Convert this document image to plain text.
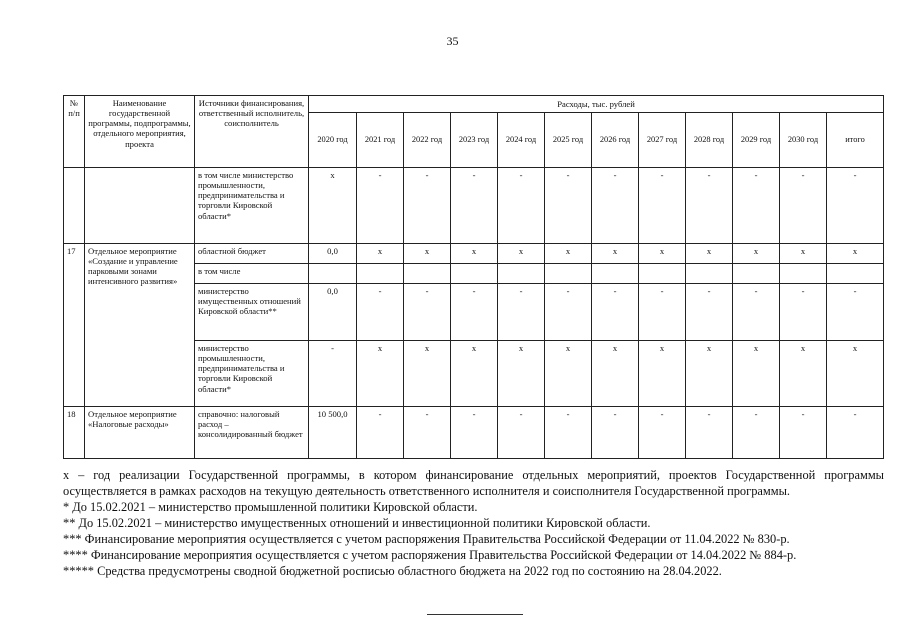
35
№ п/п	Наименование государственной программы, подпрограммы, отдельного мероприятия, проекта	Источники финансирования, ответственный исполнитель, соисполнитель	Расходы, тыс. рублей											
			2020 год	2021 год	2022 год	2023 год	2024 год	2025 год	2026 год	2027 год	2028 год	2029 год	2030 год	итого
		в том числе министерство промышленности, предпринимательства и торговли Кировской области*	x	-	-	-	-	-	-	-	-	-	-	-
17	Отдельное мероприятие «Создание и управление парковыми зонами интенсивного развития»	областной бюджет	0,0	x	x	x	x	x	x	x	x	x	x	x
		в том числе												
		министерство имущественных отношений Кировской области**	0,0	-	-	-	-	-	-	-	-	-	-	-
		министерство промышленности, предпринимательства и торговли Кировской области*	-	x	x	x	x	x	x	x	x	x	x	x
18	Отдельное мероприятие «Налоговые расходы»	справочно: налоговый расход – консолидированный бюджет	10 500,0	-	-	-	-	-	-	-	-	-	-	-

x – год реализации Государственной программы, в котором финансирование отдельных мероприятий, проектов Государственной программы осуществляется в рамках расходов на текущую деятельность ответственного исполнителя и соисполнителя Государственной программы.

* До 15.02.2021 – министерство промышленной политики Кировской области.

** До 15.02.2021 – министерство имущественных отношений и инвестиционной политики Кировской области.

*** Финансирование мероприятия осуществляется с учетом распоряжения Правительства Российской Федерации от 11.04.2022 № 830-р.

**** Финансирование мероприятия осуществляется с учетом распоряжения Правительства Российской Федерации от 14.04.2022 № 884-р.

***** Средства предусмотрены сводной бюджетной росписью областного бюджета на 2022 год по состоянию на 28.04.2022.
